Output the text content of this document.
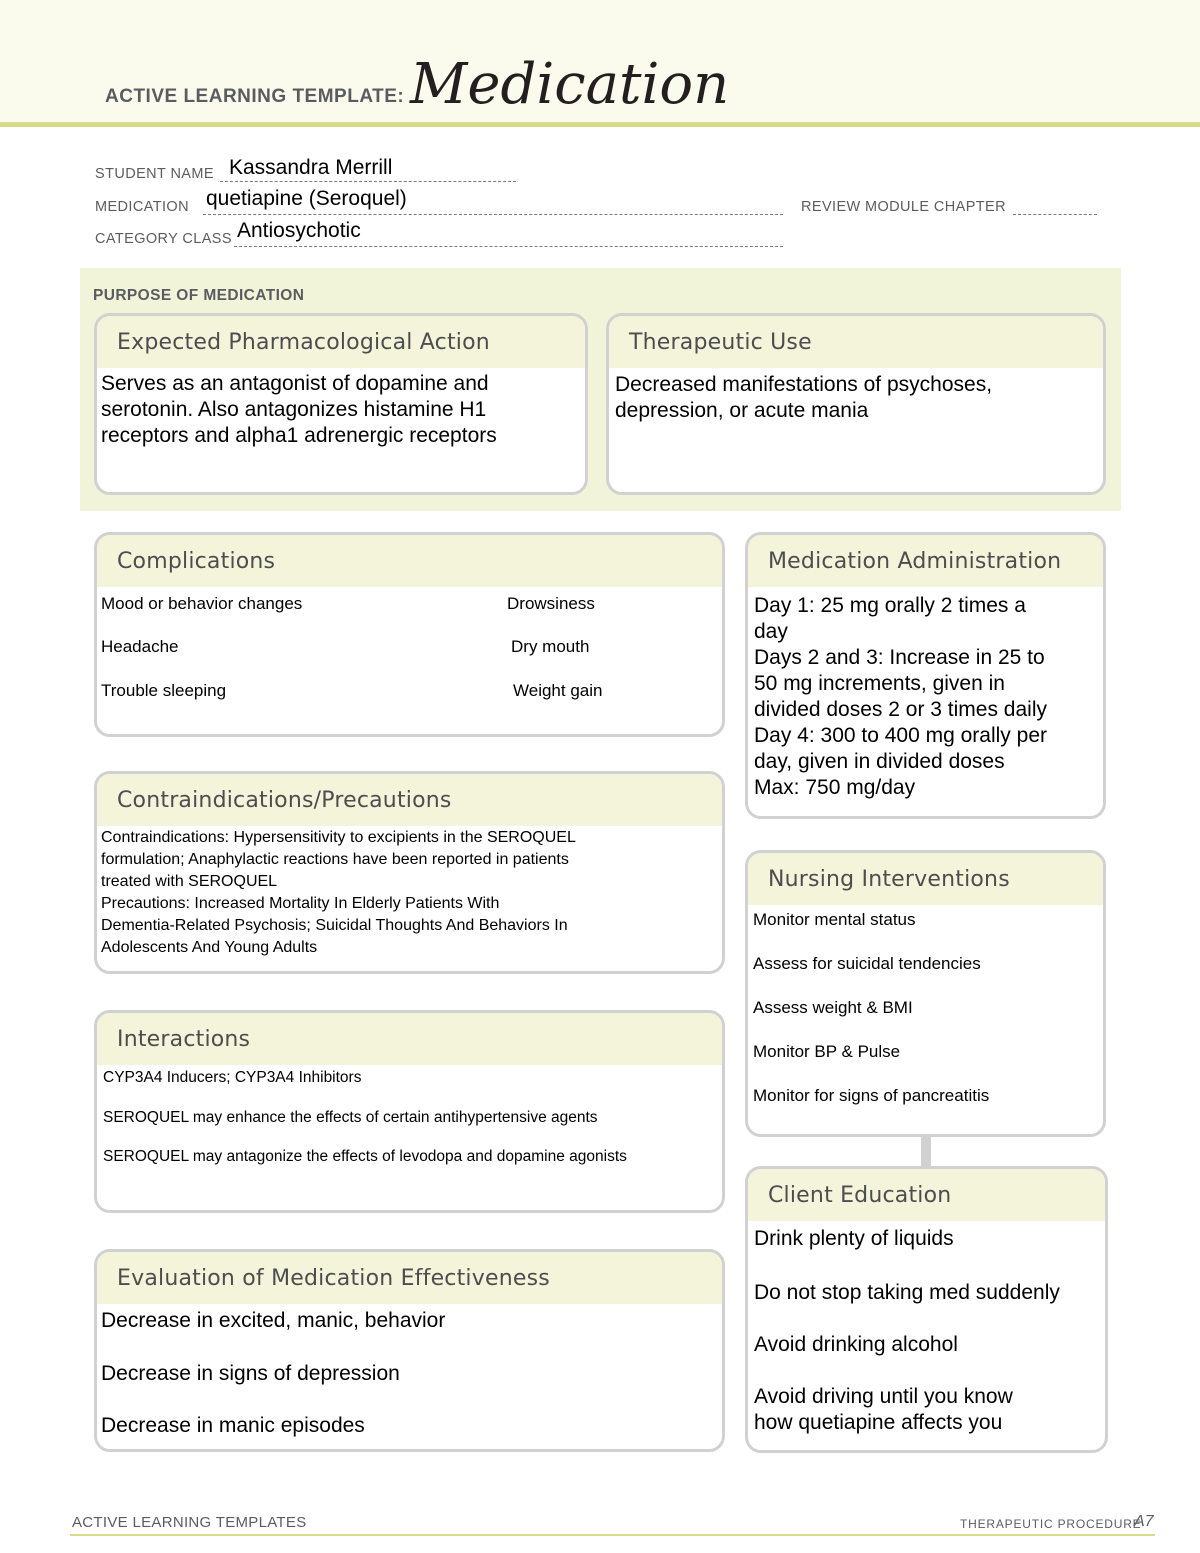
ACTIVE LEARNING TEMPLATE: Medication
STUDENT NAME Kassandra Merrill
MEDICATION quetiapine (Seroquel)	REVIEW MODULE CHAPTER
CATEGORY CLASS Antiosychotic
PURPOSE OF MEDICATION
Expected Pharmacological Action
Serves as an antagonist of dopamine and
serotonin. Also antagonizes histamine H1
receptors and alpha1 adrenergic receptors
Therapeutic Use
Decreased manifestations of psychoses,
depression, or acute mania
Complications
Mood or behavior changes
Headache
Trouble sleeping
Drowsiness
Dry mouth
Weight gain
Contraindications/Precautions
Contraindications: Hypersensitivity to excipients in the SEROQUEL
formulation; Anaphylactic reactions have been reported in patients
treated with SEROQUEL
Precautions: Increased Mortality In Elderly Patients With
Dementia-Related Psychosis; Suicidal Thoughts And Behaviors In
Adolescents And Young Adults
Interactions
CYP3A4 Inducers; CYP3A4 Inhibitors
SEROQUEL may enhance the effects of certain antihypertensive agents
SEROQUEL may antagonize the effects of levodopa and dopamine agonists
Evaluation of Medication Effectiveness
Decrease in excited, manic, behavior
Decrease in signs of depression
Decrease in manic episodes
Medication Administration
Day 1: 25 mg orally 2 times a
day
Days 2 and 3: Increase in 25 to
50 mg increments, given in
divided doses 2 or 3 times daily
Day 4: 300 to 400 mg orally per
day, given in divided doses
Max: 750 mg/day
Nursing Interventions
Monitor mental status
Assess for suicidal tendencies
Assess weight & BMI
Monitor BP & Pulse
Monitor for signs of pancreatitis
Client Education
Drink plenty of liquids
Do not stop taking med suddenly
Avoid drinking alcohol
Avoid driving until you know
how quetiapine affects you
ACTIVE LEARNING TEMPLATES	THERAPEUTIC PROCEDURE
A7
